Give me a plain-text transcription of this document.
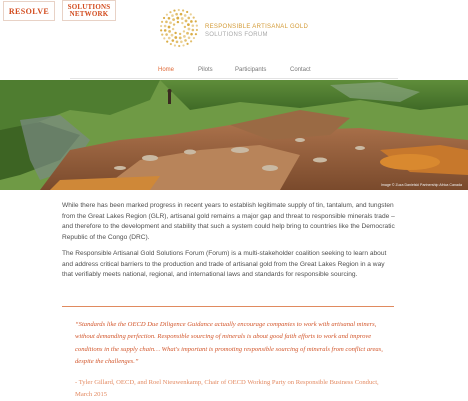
RESOLVE	SOLUTIONS
NETWORK
RESPONSIBLE ARTISANAL GOLD
SOLUTIONS FORUM
Home	Pilots	Participants	Contact
Image © Zuza Danielski Partnership Africa Canada

While there has been marked progress in recent years to establish legitimate supply of tin, tantalum, and tungsten from the Great Lakes Region (GLR), artisanal gold remains a major gap and threat to responsible minerals trade – and therefore to the development and stability that such a system could help bring to countries like the Democratic Republic of the Congo (DRC).

The Responsible Artisanal Gold Solutions Forum (Forum) is a multi-stakeholder coalition seeking to learn about and address critical barriers to the production and trade of artisanal gold from the Great Lakes Region in a way that verifiably meets national, regional, and international laws and standards for responsible sourcing.

“Standards like the OECD Due Diligence Guidance actually encourage companies to work with artisanal miners, without demanding perfection. Responsible sourcing of minerals is about good faith efforts to work and improve conditions in the supply chain… What's important is promoting responsible sourcing of minerals from conflict areas, despite the challenges.”

- Tyler Gillard, OECD, and Roel Nieuwenkamp, Chair of OECD Working Party on Responsible Business Conduct, March 2015
